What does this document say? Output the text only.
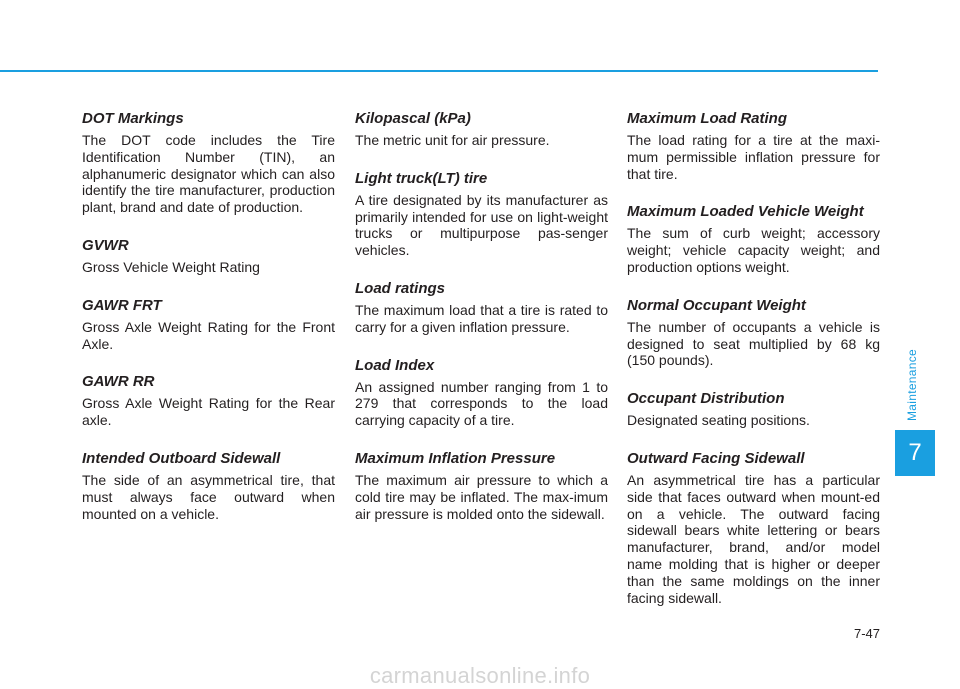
DOT Markings

The DOT code includes the Tire Identification Number (TIN), an alphanumeric designator which can also identify the tire manufacturer, production plant, brand and date of production.

GVWR

Gross Vehicle Weight Rating

GAWR FRT

Gross Axle Weight Rating for the Front Axle.

GAWR RR

Gross Axle Weight Rating for the Rear axle.

Intended Outboard Sidewall

The side of an asymmetrical tire, that must always face outward when mounted on a vehicle.

Kilopascal (kPa)

The metric unit for air pressure.

Light truck(LT) tire

A tire designated by its manufacturer as primarily intended for use on light-weight trucks or multipurpose pas-senger vehicles.

Load ratings

The maximum load that a tire is rated to carry for a given inflation pressure.

Load Index

An assigned number ranging from 1 to 279 that corresponds to the load carrying capacity of a tire.

Maximum Inflation Pressure

The maximum air pressure to which a cold tire may be inflated. The max-imum air pressure is molded onto the sidewall.

Maximum Load Rating

The load rating for a tire at the maxi-mum permissible inflation pressure for that tire.

Maximum Loaded Vehicle Weight

The sum of curb weight; accessory weight; vehicle capacity weight; and production options weight.

Normal Occupant Weight

The number of occupants a vehicle is designed to seat multiplied by 68 kg (150 pounds).

Occupant Distribution

Designated seating positions.

Outward Facing Sidewall

An asymmetrical tire has a particular side that faces outward when mount-ed on a vehicle. The outward facing sidewall bears white lettering or bears manufacturer, brand, and/or model name molding that is higher or deeper than the same moldings on the inner facing sidewall.

Maintenance
7
7-47
carmanualsonline.info
